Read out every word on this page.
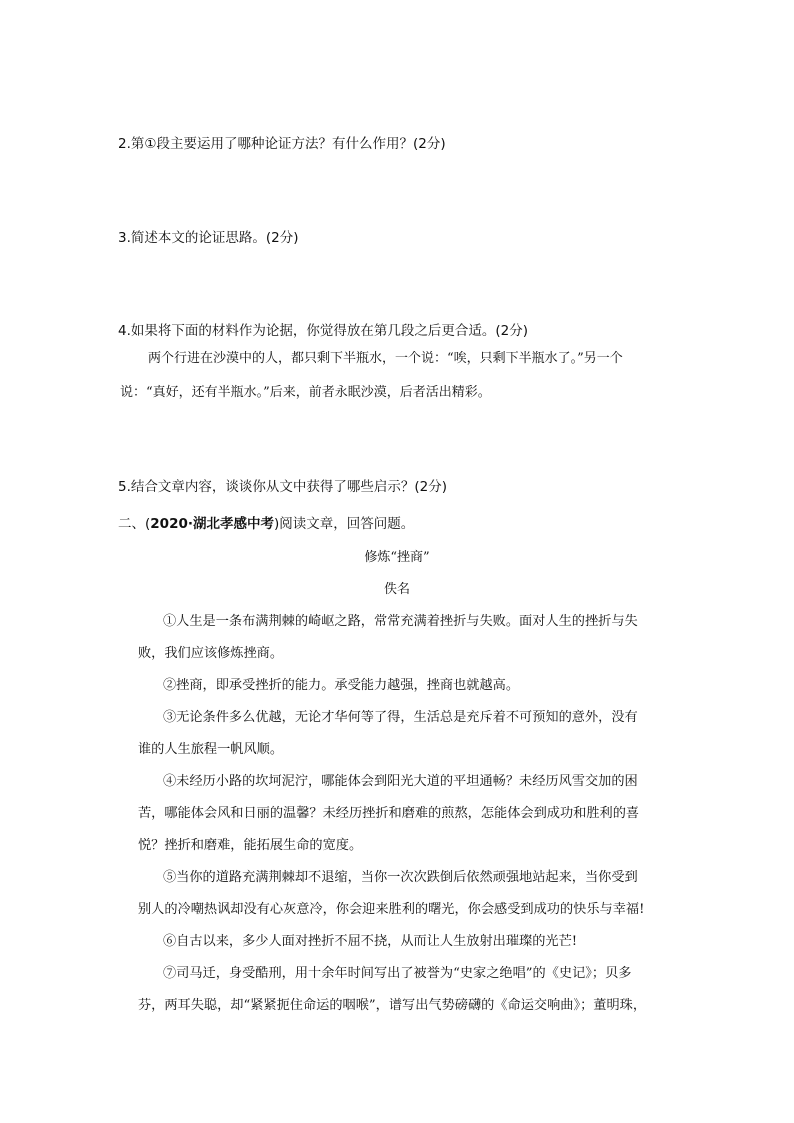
2.第①段主要运用了哪种论证方法？有什么作用？(2分)
3.简述本文的论证思路。(2分)
4.如果将下面的材料作为论据，你觉得放在第几段之后更合适。(2分)
两个行进在沙漠中的人，都只剩下半瓶水，一个说：“唉，只剩下半瓶水了。”另一个
说：“真好，还有半瓶水。”后来，前者永眠沙漠，后者活出精彩。
5.结合文章内容，谈谈你从文中获得了哪些启示？(2分)
二、(2020·湖北孝感中考)阅读文章，回答问题。
修炼“挫商”
佚名
①人生是一条布满荆棘的崎岖之路，常常充满着挫折与失败。面对人生的挫折与失
败，我们应该修炼挫商。
②挫商，即承受挫折的能力。承受能力越强，挫商也就越高。
③无论条件多么优越，无论才华何等了得，生活总是充斥着不可预知的意外，没有
谁的人生旅程一帆风顺。
④未经历小路的坎坷泥泞，哪能体会到阳光大道的平坦通畅？未经历风雪交加的困
苦，哪能体会风和日丽的温馨？未经历挫折和磨难的煎熬，怎能体会到成功和胜利的喜
悦？挫折和磨难，能拓展生命的宽度。
⑤当你的道路充满荆棘却不退缩，当你一次次跌倒后依然顽强地站起来，当你受到
别人的冷嘲热讽却没有心灰意冷，你会迎来胜利的曙光，你会感受到成功的快乐与幸福!
⑥自古以来，多少人面对挫折不屈不挠，从而让人生放射出璀璨的光芒!
⑦司马迁，身受酷刑，用十余年时间写出了被誉为“史家之绝唱”的《史记》；贝多
芬，两耳失聪，却“紧紧扼住命运的咽喉”，谱写出气势磅礴的《命运交响曲》；董明珠，
